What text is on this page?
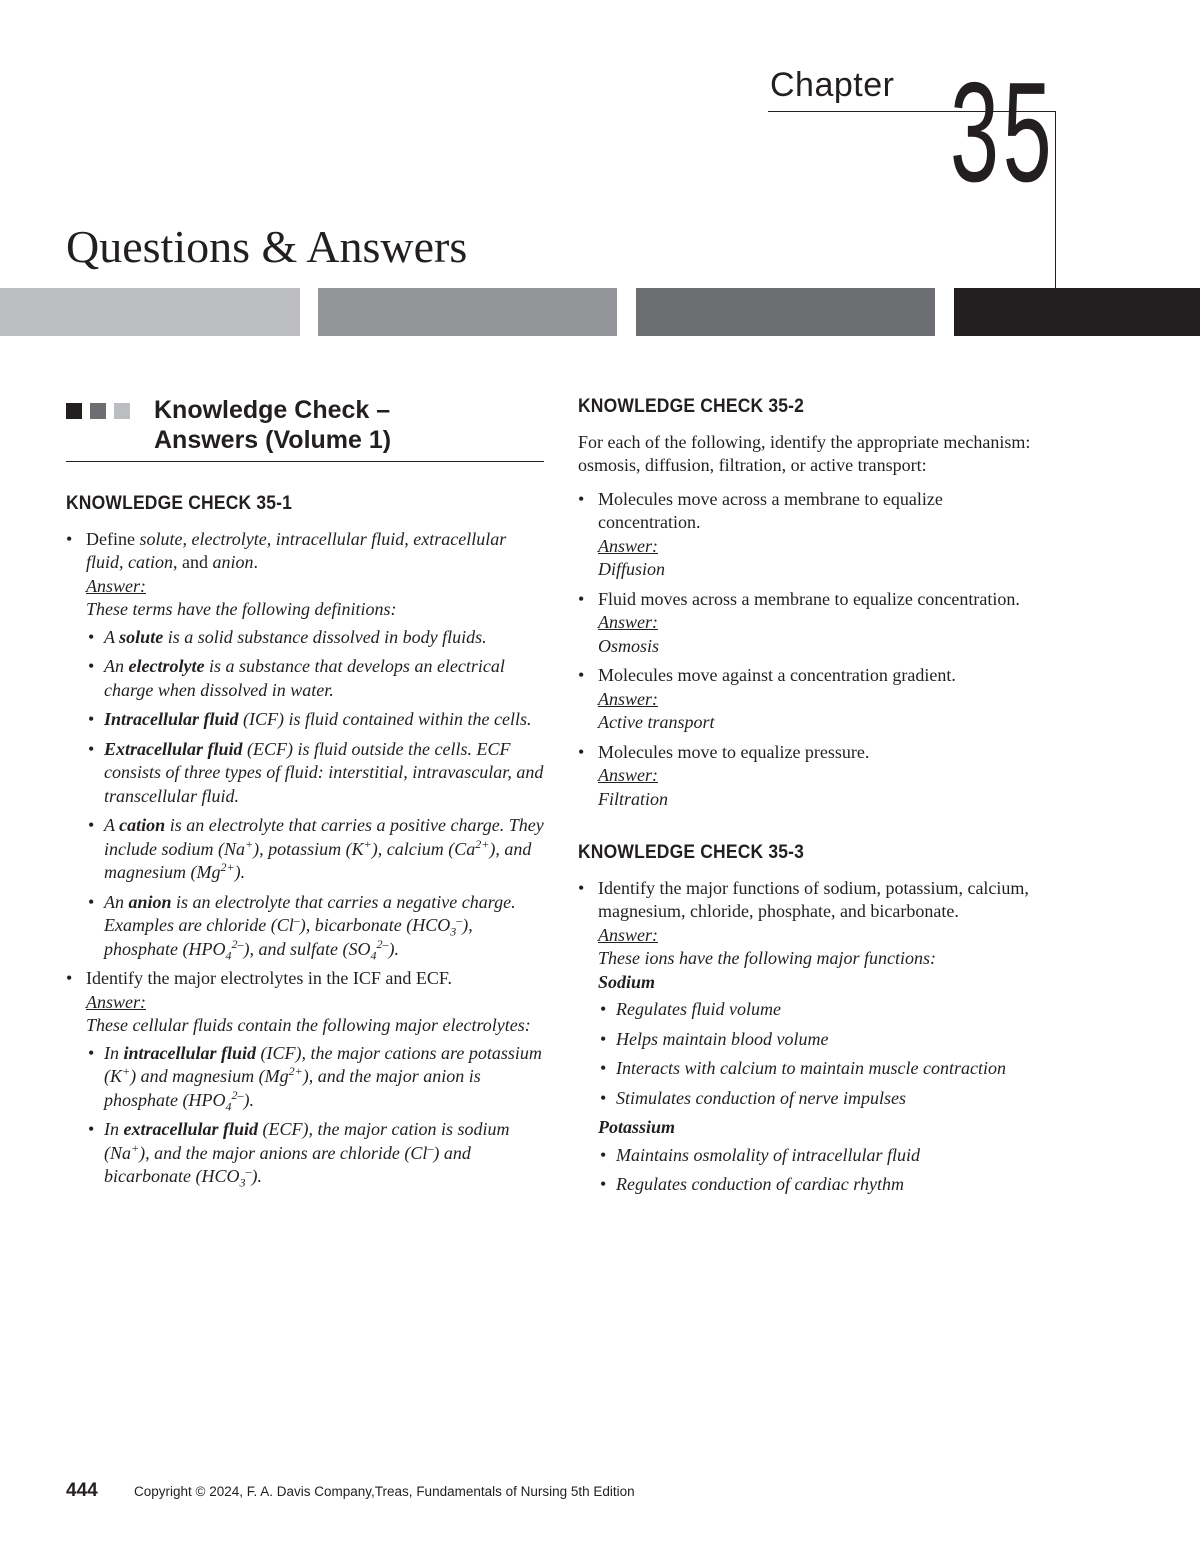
Chapter 35
Questions & Answers
Knowledge Check –
Answers (Volume 1)
KNOWLEDGE CHECK 35-1
• Define solute, electrolyte, intracellular fluid, extracellular fluid, cation, and anion.
Answer:
These terms have the following definitions:
• A solute is a solid substance dissolved in body fluids.
• An electrolyte is a substance that develops an electrical charge when dissolved in water.
• Intracellular fluid (ICF) is fluid contained within the cells.
• Extracellular fluid (ECF) is fluid outside the cells. ECF consists of three types of fluid: interstitial, intravascular, and transcellular fluid.
• A cation is an electrolyte that carries a positive charge. They include sodium (Na+), potassium (K+), calcium $(Ca^{2+})$, and magnesium $(Mg^{2+})$.
• An anion is an electrolyte that carries a negative charge. Examples are chloride (Cl–), bicarbonate $(HCO_3^-)$, phosphate $(HPO_4^{2-})$, and sulfate $(SO_4^{2-})$.
• Identify the major electrolytes in the ICF and ECF.
Answer:
These cellular fluids contain the following major electrolytes:
• In intracellular fluid (ICF), the major cations are potassium (K+) and magnesium $(Mg^{2+})$, and the major anion is phosphate $(HPO_4^{2-})$.
• In extracellular fluid (ECF), the major cation is sodium (Na+), and the major anions are chloride (Cl–) and bicarbonate $(HCO_3^-)$.
KNOWLEDGE CHECK 35-2

For each of the following, identify the appropriate mechanism: osmosis, diffusion, filtration, or active transport:

• Molecules move across a membrane to equalize concentration.
Answer:
Diffusion
• Fluid moves across a membrane to equalize concentration.
Answer:
Osmosis
• Molecules move against a concentration gradient.
Answer:
Active transport
• Molecules move to equalize pressure.
Answer:
Filtration
KNOWLEDGE CHECK 35-3
• Identify the major functions of sodium, potassium, calcium, magnesium, chloride, phosphate, and bicarbonate.
Answer:
These ions have the following major functions:
Sodium
• Regulates fluid volume
• Helps maintain blood volume
• Interacts with calcium to maintain muscle contraction
• Stimulates conduction of nerve impulses
Potassium
• Maintains osmolality of intracellular fluid
• Regulates conduction of cardiac rhythm
444	Copyright © 2024, F. A. Davis Company,Treas, Fundamentals of Nursing 5th Edition
